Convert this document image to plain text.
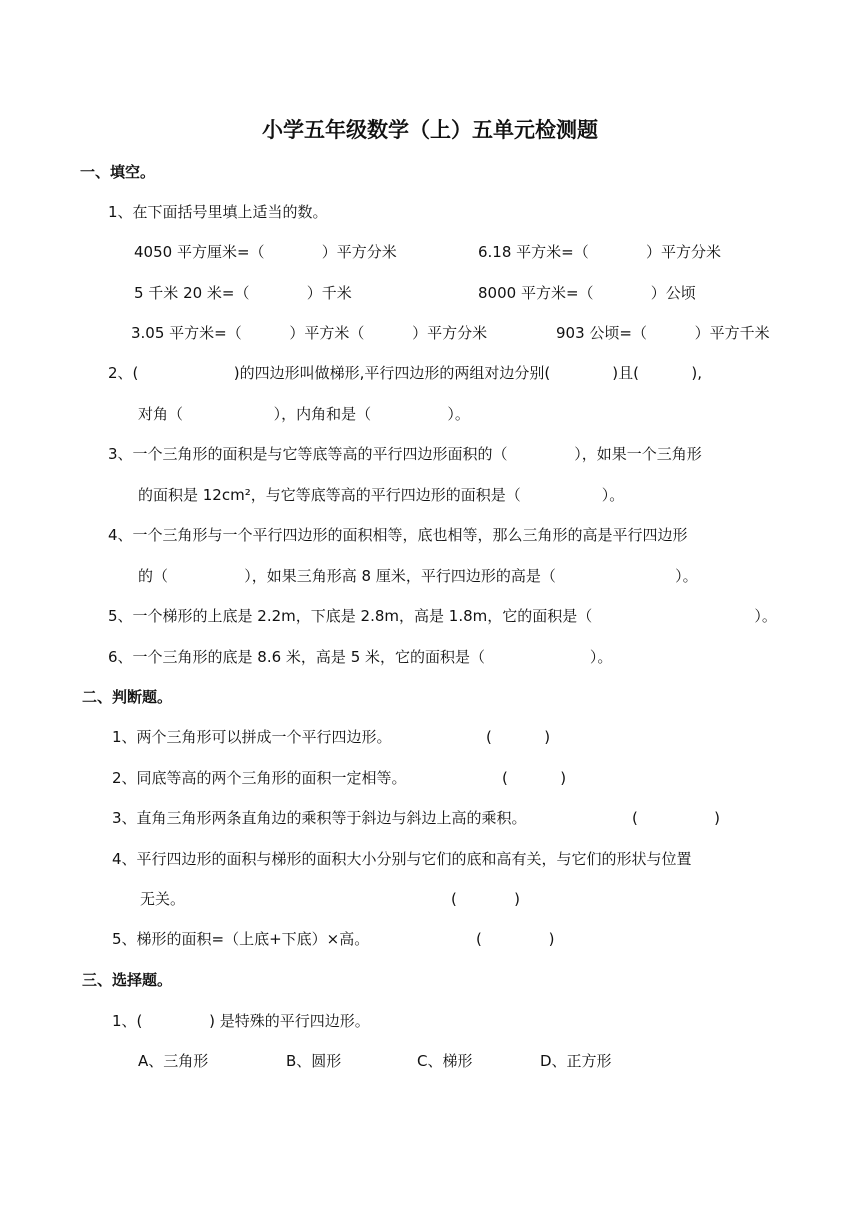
小学五年级数学（上）五单元检测题
一、填空。
1、在下面括号里填上适当的数。
4050 平方厘米=（            ）平方分米	6.18 平方米=（            ）平方分米
5 千米 20 米=（            ）千米	8000 平方米=（            ）公顷
3.05 平方米=（          ）平方米（          ）平方分米	903 公顷=（          ）平方千米
2、(                    )的四边形叫做梯形,平行四边形的两组对边分别(             )且(           ),
对角（                   ），内角和是（                ）。
3、一个三角形的面积是与它等底等高的平行四边形面积的（              ），如果一个三角形
的面积是 12cm²，与它等底等高的平行四边形的面积是（                 ）。
4、一个三角形与一个平行四边形的面积相等，底也相等，那么三角形的高是平行四边形
的（                ），如果三角形高 8 厘米，平行四边形的高是（                         ）。
5、一个梯形的上底是 2.2m，下底是 2.8m，高是 1.8m，它的面积是（                                  ）。
6、一个三角形的底是 8.6 米，高是 5 米，它的面积是（                      ）。
二、判断题。
1、两个三角形可以拼成一个平行四边形。	(           )
2、同底等高的两个三角形的面积一定相等。	(           )
3、直角三角形两条直角边的乘积等于斜边与斜边上高的乘积。	(                )
4、平行四边形的面积与梯形的面积大小分别与它们的底和高有关，与它们的形状与位置
无关。	(            )
5、梯形的面积=（上底+下底）×高。	(              )
三、选择题。
1、(              ) 是特殊的平行四边形。
A、三角形	B、圆形	C、梯形	D、正方形
